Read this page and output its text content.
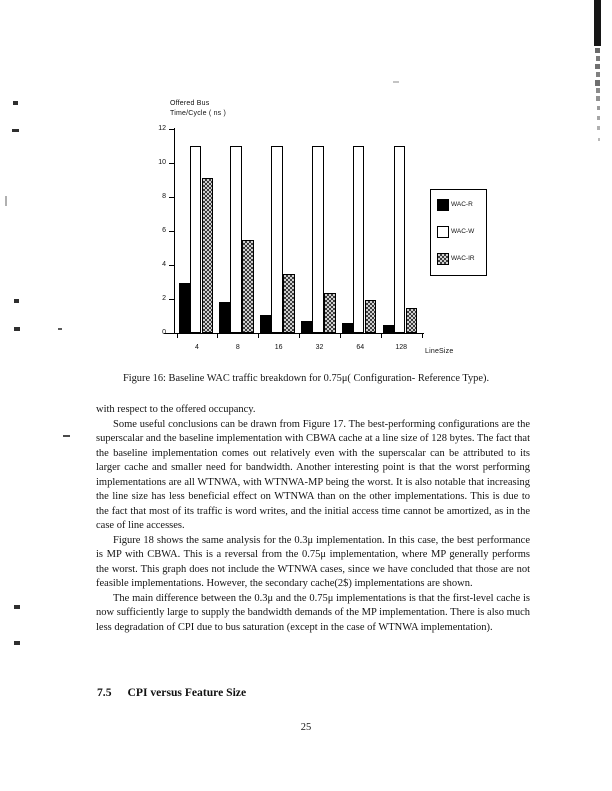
Offered Bus
Time/Cycle ( ns )
0
2
4
6
8
10
12
4	8	16	32	64	128
LineSize
WAC-R
WAC-W
WAC-IR
Figure 16: Baseline WAC traffic breakdown for 0.75μ( Configuration- Reference Type).

with respect to the offered occupancy.

Some useful conclusions can be drawn from Figure 17. The best-performing configurations are the superscalar and the baseline implementation with CBWA cache at a line size of 128 bytes. The fact that the baseline implementation comes out relatively even with the superscalar can be attributed to its larger cache and smaller need for bandwidth. Another interesting point is that the worst performing implementations are all WTNWA, with WTNWA-MP being the worst. It is also notable that increasing the line size has less beneficial effect on WTNWA than on the other implementations. This is due to the fact that most of its traffic is word writes, and the initial access time cannot be amortized, as in the case of line accesses.

Figure 18 shows the same analysis for the 0.3μ implementation. In this case, the best performance is MP with CBWA. This is a reversal from the 0.75μ implementation, where MP generally performs the worst. This graph does not include the WTNWA cases, since we have concluded that those are not feasible implementations. However, the secondary cache(2$) implementations are shown.

The main difference between the 0.3μ and the 0.75μ implementations is that the first-level cache is now sufficiently large to supply the bandwidth demands of the MP implementation. There is also much less degradation of CPI due to bus saturation (except in the case of WTNWA implementation).

7.5 CPI versus Feature Size
25
